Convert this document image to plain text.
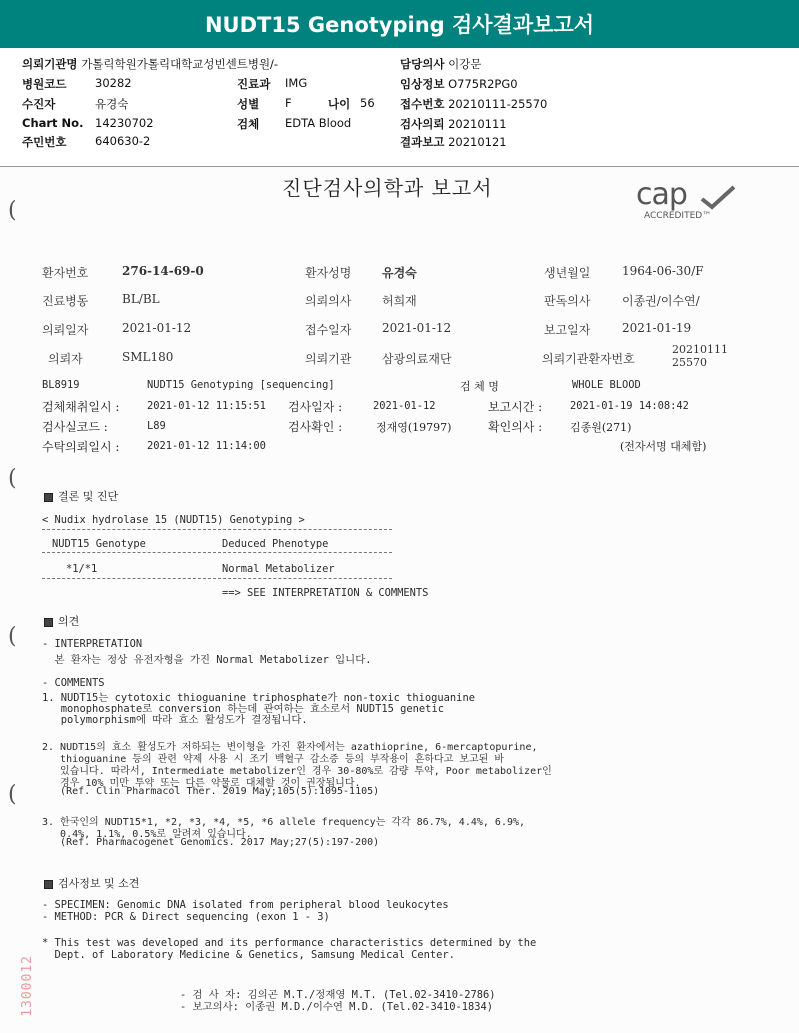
NUDT15 Genotyping 검사결과보고서
의뢰기관명 가톨릭학원가톨릭대학교성빈센트병원/-
병원코드 30282
수진자	유경숙
Chart No. 14230702
주민번호 640630-2
진료과 IMG
성별 F	나이 56
검체 EDTA Blood
담당의사 이강문
임상정보 O775R2PG0
접수번호 20210111-25570
검사의뢰 20210111
결과보고 20210121
진단검사의학과 보고서	cap
ACCREDITED™
(
(
(
(
환자번호	276-14-69-0	환자성명	유경숙	생년월일	1964-06-30/F
진료병동	BL/BL	의뢰의사	허희재	판독의사	이종권/이수연/
의뢰일자	2021-01-12	접수일자	2021-01-12	보고일자	2021-01-19
의뢰자	SML180	의뢰기관	삼광의료재단	의뢰기관환자번호
2021011125570
BL8919	NUDT15 Genotyping [sequencing]	검 체 명	WHOLE BLOOD
검체채취일시 :	2021-01-12 11:15:51 검사일자 :	2021-01-12	보고시간 :	2021-01-19 14:08:42
검사실코드 :	L89	검사확인 :	정재영(19797)	확인의사 :	김종원(271)
수탁의뢰일시 :	2021-01-12 11:14:00	(전자서명 대체함)
결론 및 진단
< Nudix hydrolase 15 (NUDT15) Genotyping >
NUDT15 Genotype	Deduced Phenotype
*1/*1	Normal Metabolizer
==> SEE INTERPRETATION & COMMENTS
의견
- INTERPRETATION
본 환자는 정상 유전자형을 가진 Normal Metabolizer 입니다.
- COMMENTS
1. NUDT15는 cytotoxic thioguanine triphosphate가 non-toxic thioguanine
monophosphate로 conversion 하는데 관여하는 효소로서 NUDT15 genetic
polymorphism에 따라 효소 활성도가 결정됩니다.
2. NUDT15의 효소 활성도가 저하되는 변이형을 가진 환자에서는 azathioprine, 6-mercaptopurine,
thioguanine 등의 관련 약제 사용 시 조기 백혈구 감소증 등의 부작용이 흔하다고 보고된 바
있습니다. 따라서, Intermediate metabolizer인 경우 30-80%로 감량 투약, Poor metabolizer인
경우 10% 미만 투약 또는 다른 약물로 대체할 것이 권장됩니다.
(Ref. Clin Pharmacol Ther. 2019 May;105(5):1095-1105)
3. 한국인의 NUDT15*1, *2, *3, *4, *5, *6 allele frequency는 각각 86.7%, 4.4%, 6.9%,
0.4%, 1.1%, 0.5%로 알려져 있습니다.
(Ref. Pharmacogenet Genomics. 2017 May;27(5):197-200)
검사정보 및 소견
- SPECIMEN: Genomic DNA isolated from peripheral blood leukocytes
- METHOD: PCR & Direct sequencing (exon 1 - 3)
* This test was developed and its performance characteristics determined by the
Dept. of Laboratory Medicine & Genetics, Samsung Medical Center.
- 검 사 자: 김의곤 M.T./정재영 M.T. (Tel.02-3410-2786)
- 보고의사: 이종권 M.D./이수연 M.D. (Tel.02-3410-1834)
1300012
